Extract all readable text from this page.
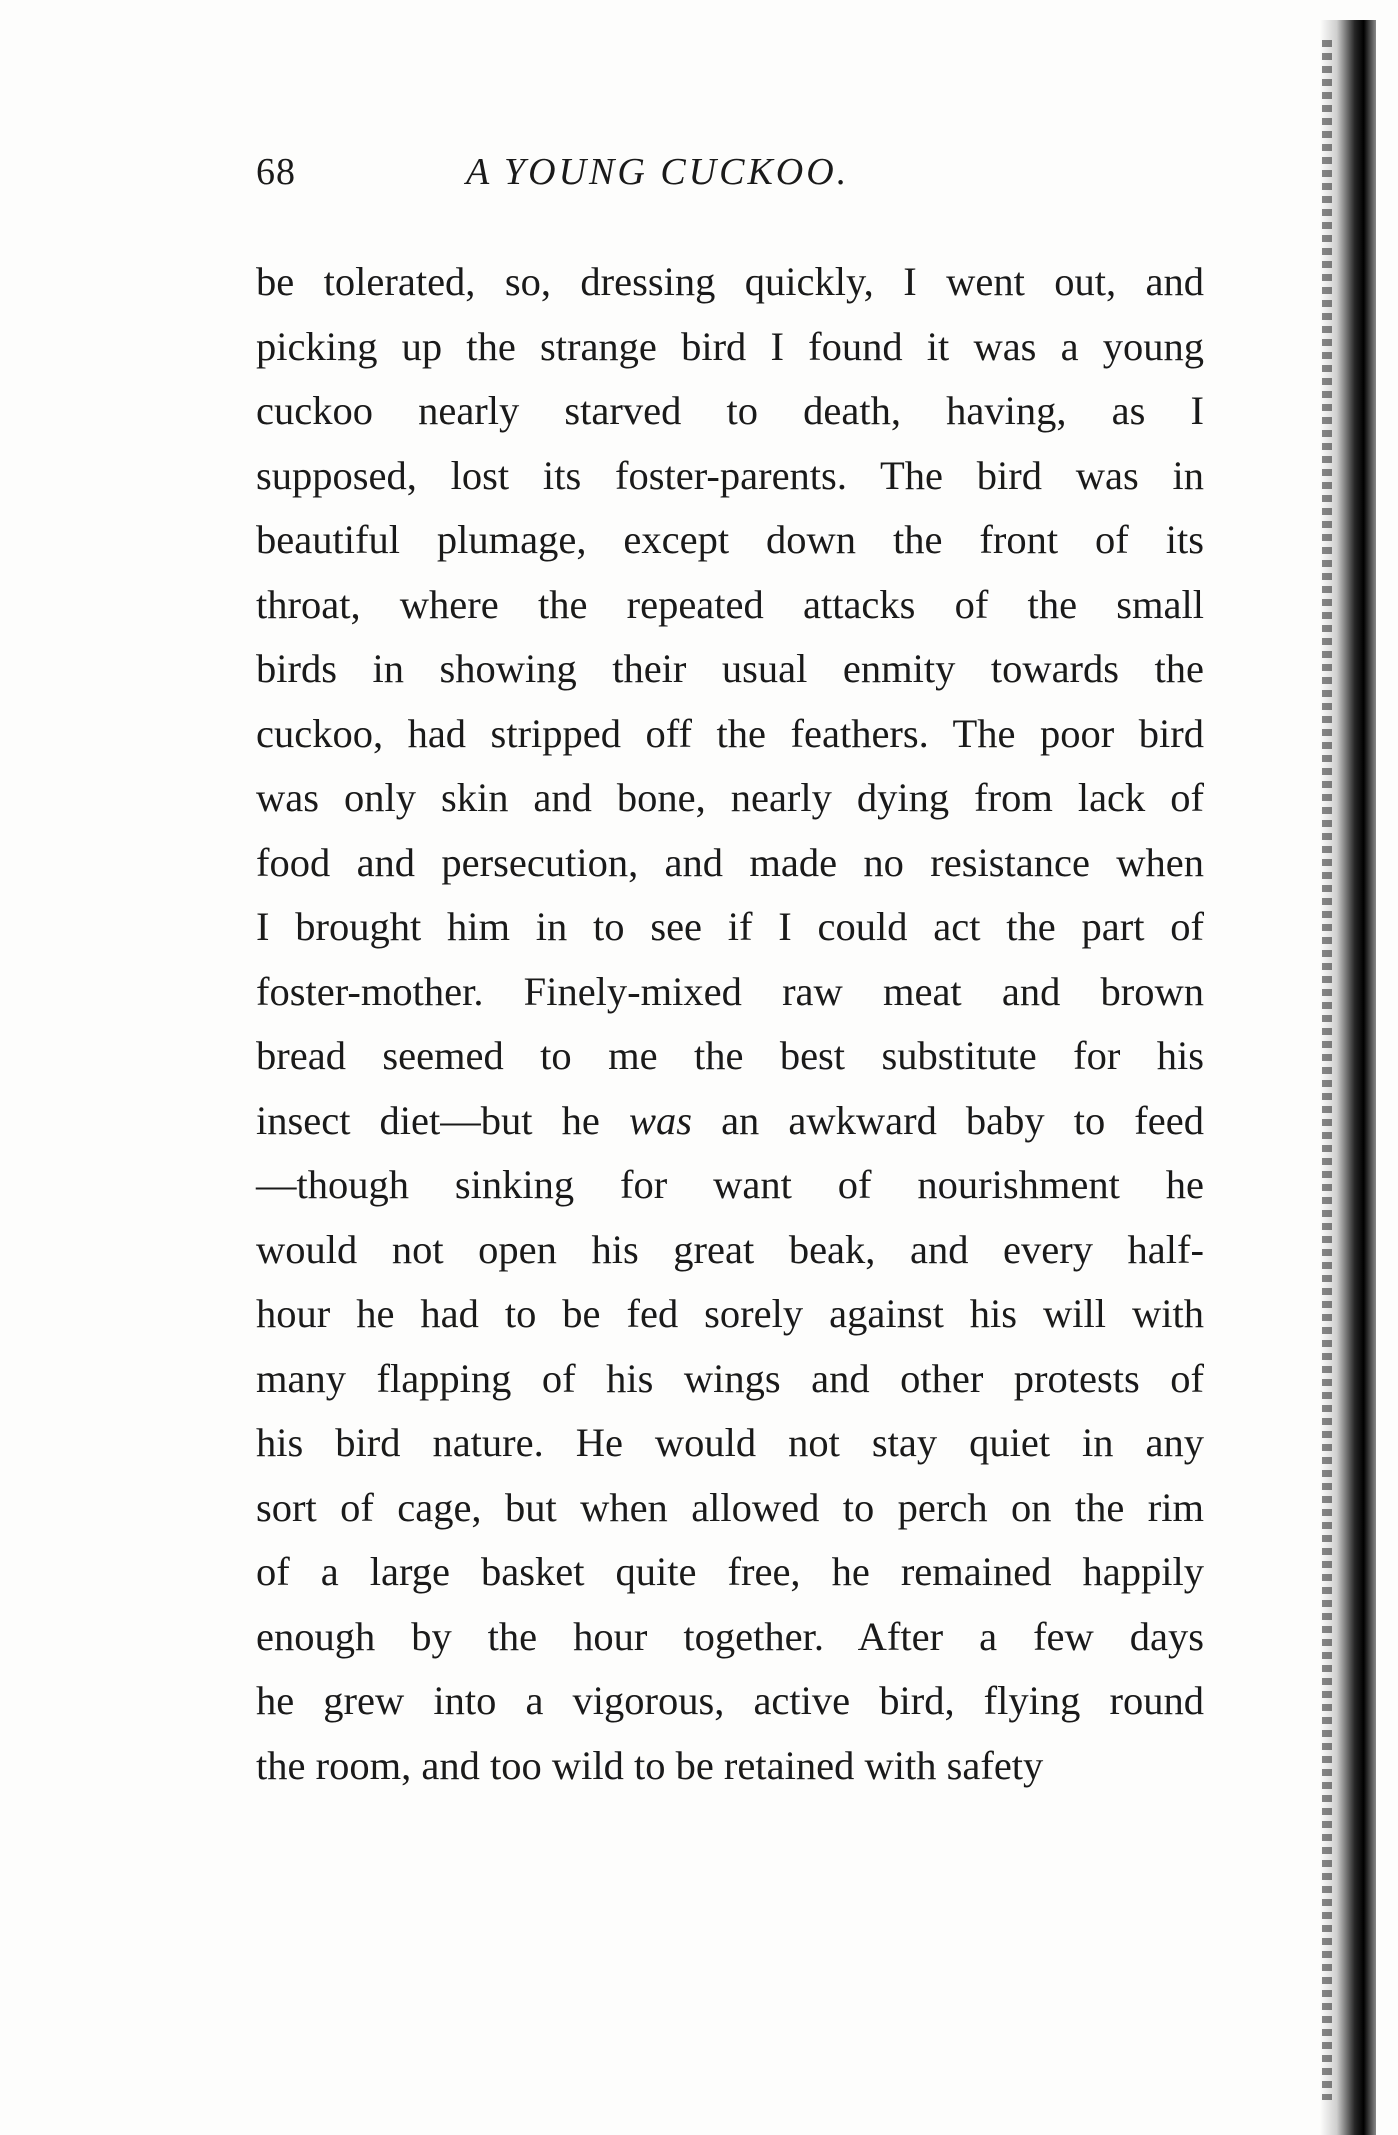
68	A YOUNG CUCKOO.
be tolerated, so, dressing quickly, I went out, and
picking up the strange bird I found it was a young
cuckoo nearly starved to death, having, as I
supposed, lost its foster-parents. The bird was in
beautiful plumage, except down the front of its
throat, where the repeated attacks of the small
birds in showing their usual enmity towards the
cuckoo, had stripped off the feathers. The poor bird
was only skin and bone, nearly dying from lack of
food and persecution, and made no resistance when
I brought him in to see if I could act the part of
foster-mother. Finely-mixed raw meat and brown
bread seemed to me the best substitute for his
insect diet—but he was an awkward baby to feed
—though sinking for want of nourishment he
would not open his great beak, and every half-
hour he had to be fed sorely against his will with
many flapping of his wings and other protests of
his bird nature. He would not stay quiet in any
sort of cage, but when allowed to perch on the rim
of a large basket quite free, he remained happily
enough by the hour together. After a few days
he grew into a vigorous, active bird, flying round
the room, and too wild to be retained with safety
